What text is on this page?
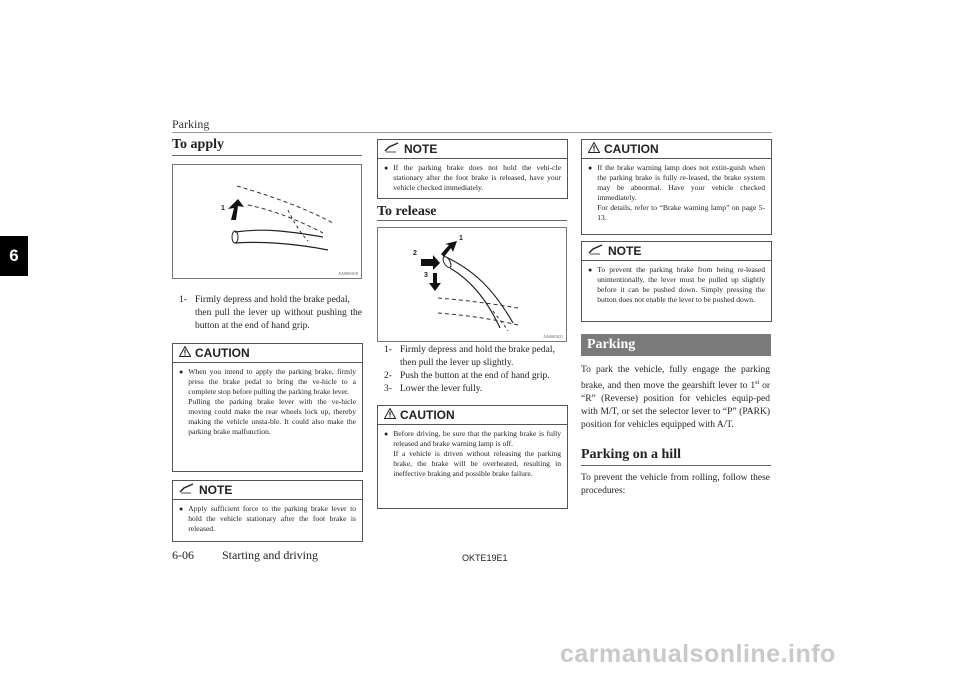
Parking
6
To apply
1
AA0001018
1- Firmly depress and hold the brake pedal,
then pull the lever up without pushing the button at the end of hand grip.
CAUTION
● When you intend to apply the parking brake, firmly press the brake pedal to bring the ve-hicle to a complete stop before pulling the parking brake lever.
Pulling the parking brake lever with the ve-hicle moving could make the rear wheels lock up, thereby making the vehicle unsta-ble. It could also make the parking brake malfunction.
NOTE
● Apply sufficient force to the parking brake lever to hold the vehicle stationary after the foot brake is released.
NOTE
● If the parking brake does not hold the vehi-cle stationary after the foot brake is released, have your vehicle checked immediately.
To release
1
2
3
AA0001021
1- Firmly depress and hold the brake pedal,
then pull the lever up slightly.
2- Push the button at the end of hand grip.
3- Lower the lever fully.
CAUTION
● Before driving, be sure that the parking brake is fully released and brake warning lamp is off.
If a vehicle is driven without releasing the parking brake, the brake will be overheated, resulting in ineffective braking and possible brake failure.
CAUTION
● If the brake warning lamp does not extin-guish when the parking brake is fully re-leased, the brake system may be abnormal. Have your vehicle checked immediately.
For details, refer to “Brake warning lamp” on page 5-13.
NOTE
● To prevent the parking brake from being re-leased unintentionally, the lever must be pulled up slightly before it can be pushed down. Simply pressing the button does not enable the lever to be pushed down.
Parking
To park the vehicle, fully engage the parking brake, and then move the gearshift lever to 1st or “R” (Reverse) position for vehicles equip-ped with M/T, or set the selector lever to “P” (PARK) position for vehicles equipped with A/T.
Parking on a hill
To prevent the vehicle from rolling, follow these procedures:
6-06 Starting and driving	OKTE19E1
carmanualsonline.info
